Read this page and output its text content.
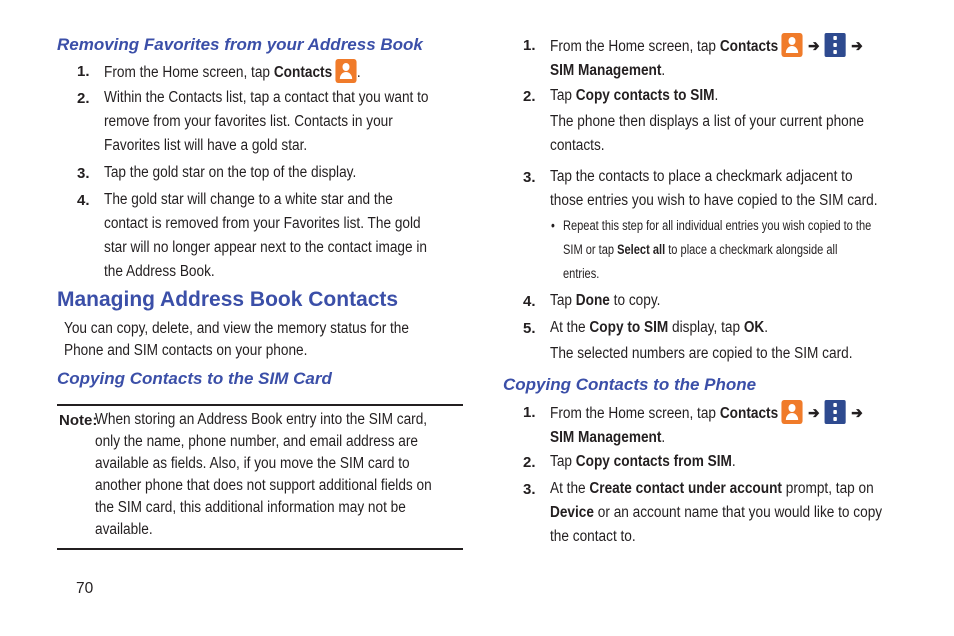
Removing Favorites from your Address Book
1. From the Home screen, tap Contacts .
2. Within the Contacts list, tap a contact that you want to
remove from your favorites list. Contacts in your
Favorites list will have a gold star.
3. Tap the gold star on the top of the display.
4. The gold star will change to a white star and the
contact is removed from your Favorites list. The gold
star will no longer appear next to the contact image in
the Address Book.
Managing Address Book Contacts
You can copy, delete, and view the memory status for the
Phone and SIM contacts on your phone.
Copying Contacts to the SIM Card
Note:
When storing an Address Book entry into the SIM card,
only the name, phone number, and email address are
available as fields. Also, if you move the SIM card to
another phone that does not support additional fields on
the SIM card, this additional information may not be
available.
70
1. From the Home screen, tap Contacts ➔ ➔
SIM Management.
2. Tap Copy contacts to SIM.
The phone then displays a list of your current phone
contacts.
3. Tap the contacts to place a checkmark adjacent to
those entries you wish to have copied to the SIM card.
• Repeat this step for all individual entries you wish copied to the
SIM or tap Select all to place a checkmark alongside all
entries.
4. Tap Done to copy.
5. At the Copy to SIM display, tap OK.
The selected numbers are copied to the SIM card.
Copying Contacts to the Phone
1. From the Home screen, tap Contacts ➔ ➔
SIM Management.
2. Tap Copy contacts from SIM.
3. At the Create contact under account prompt, tap on
Device or an account name that you would like to copy
the contact to.
